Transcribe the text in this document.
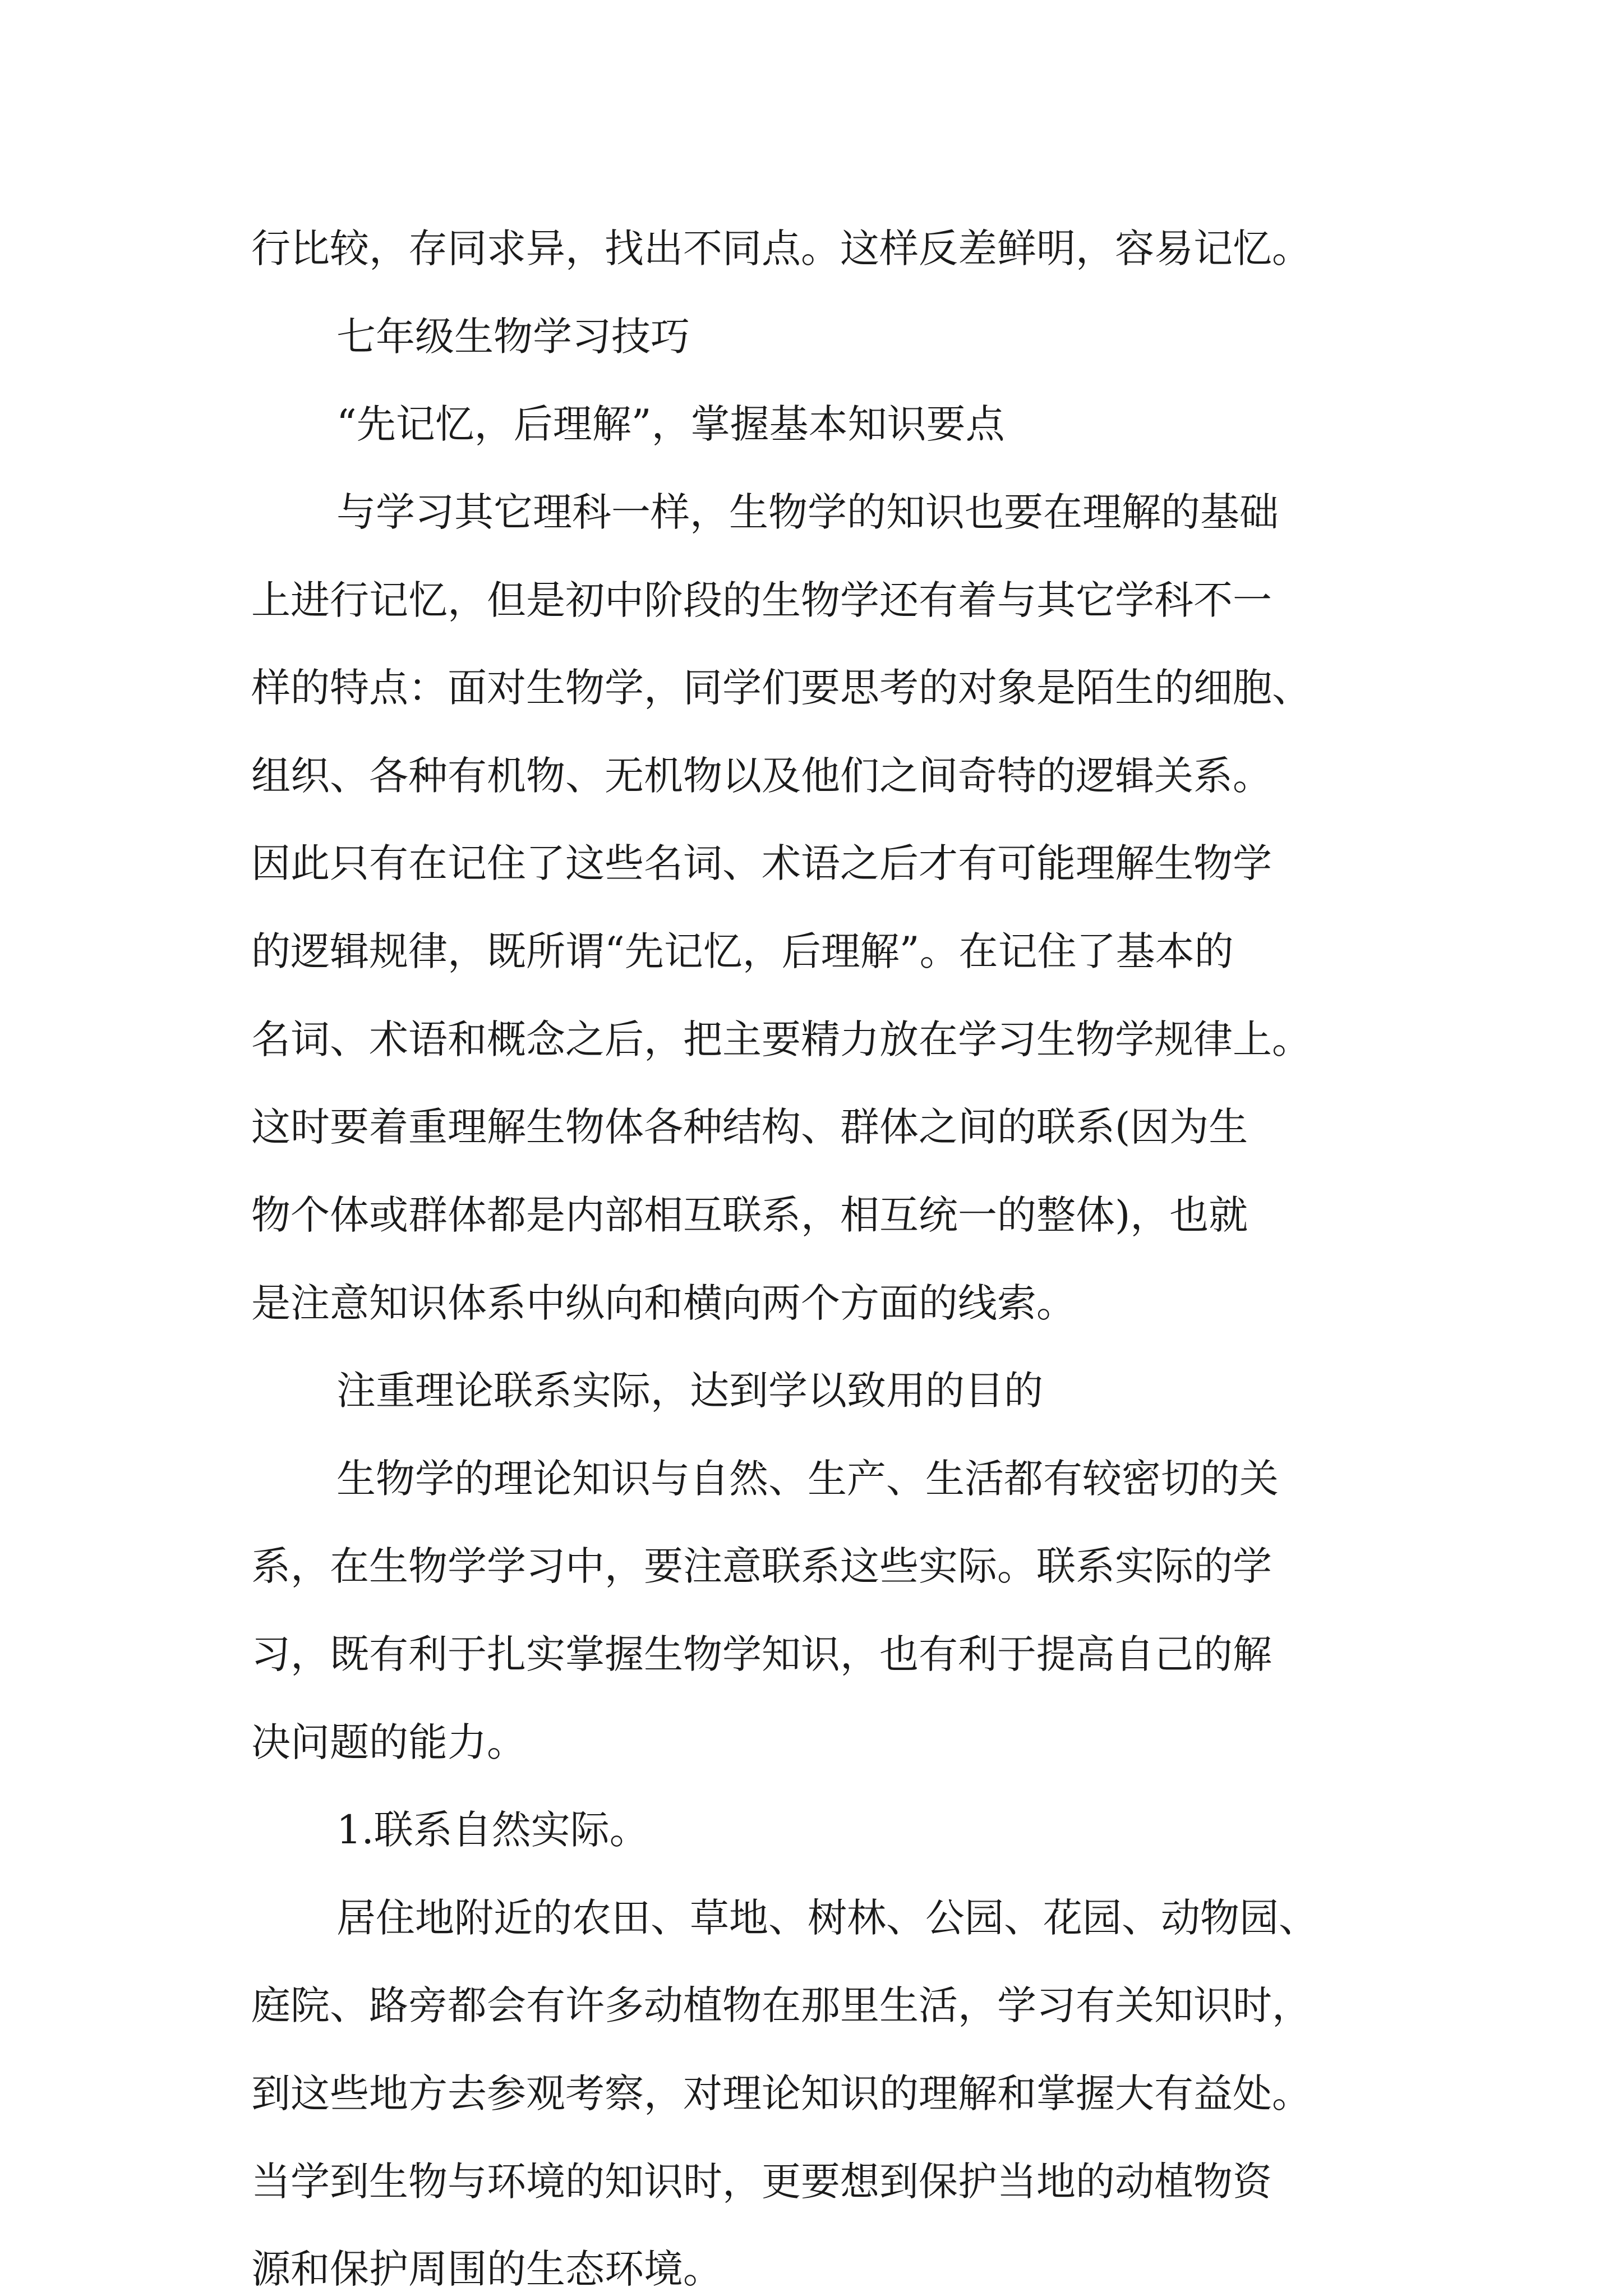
行比较，存同求异，找出不同点。这样反差鲜明，容易记忆。
七年级生物学习技巧
“先记忆，后理解”，掌握基本知识要点
与学习其它理科一样，生物学的知识也要在理解的基础
上进行记忆，但是初中阶段的生物学还有着与其它学科不一
样的特点：面对生物学，同学们要思考的对象是陌生的细胞、
组织、各种有机物、无机物以及他们之间奇特的逻辑关系。
因此只有在记住了这些名词、术语之后才有可能理解生物学
的逻辑规律，既所谓“先记忆，后理解”。在记住了基本的
名词、术语和概念之后，把主要精力放在学习生物学规律上。
这时要着重理解生物体各种结构、群体之间的联系(因为生
物个体或群体都是内部相互联系，相互统一的整体)，也就
是注意知识体系中纵向和横向两个方面的线索。
注重理论联系实际，达到学以致用的目的
生物学的理论知识与自然、生产、生活都有较密切的关
系，在生物学学习中，要注意联系这些实际。联系实际的学
习，既有利于扎实掌握生物学知识，也有利于提高自己的解
决问题的能力。
1.联系自然实际。
居住地附近的农田、草地、树林、公园、花园、动物园、
庭院、路旁都会有许多动植物在那里生活，学习有关知识时，
到这些地方去参观考察，对理论知识的理解和掌握大有益处。
当学到生物与环境的知识时，更要想到保护当地的动植物资
源和保护周围的生态环境。
